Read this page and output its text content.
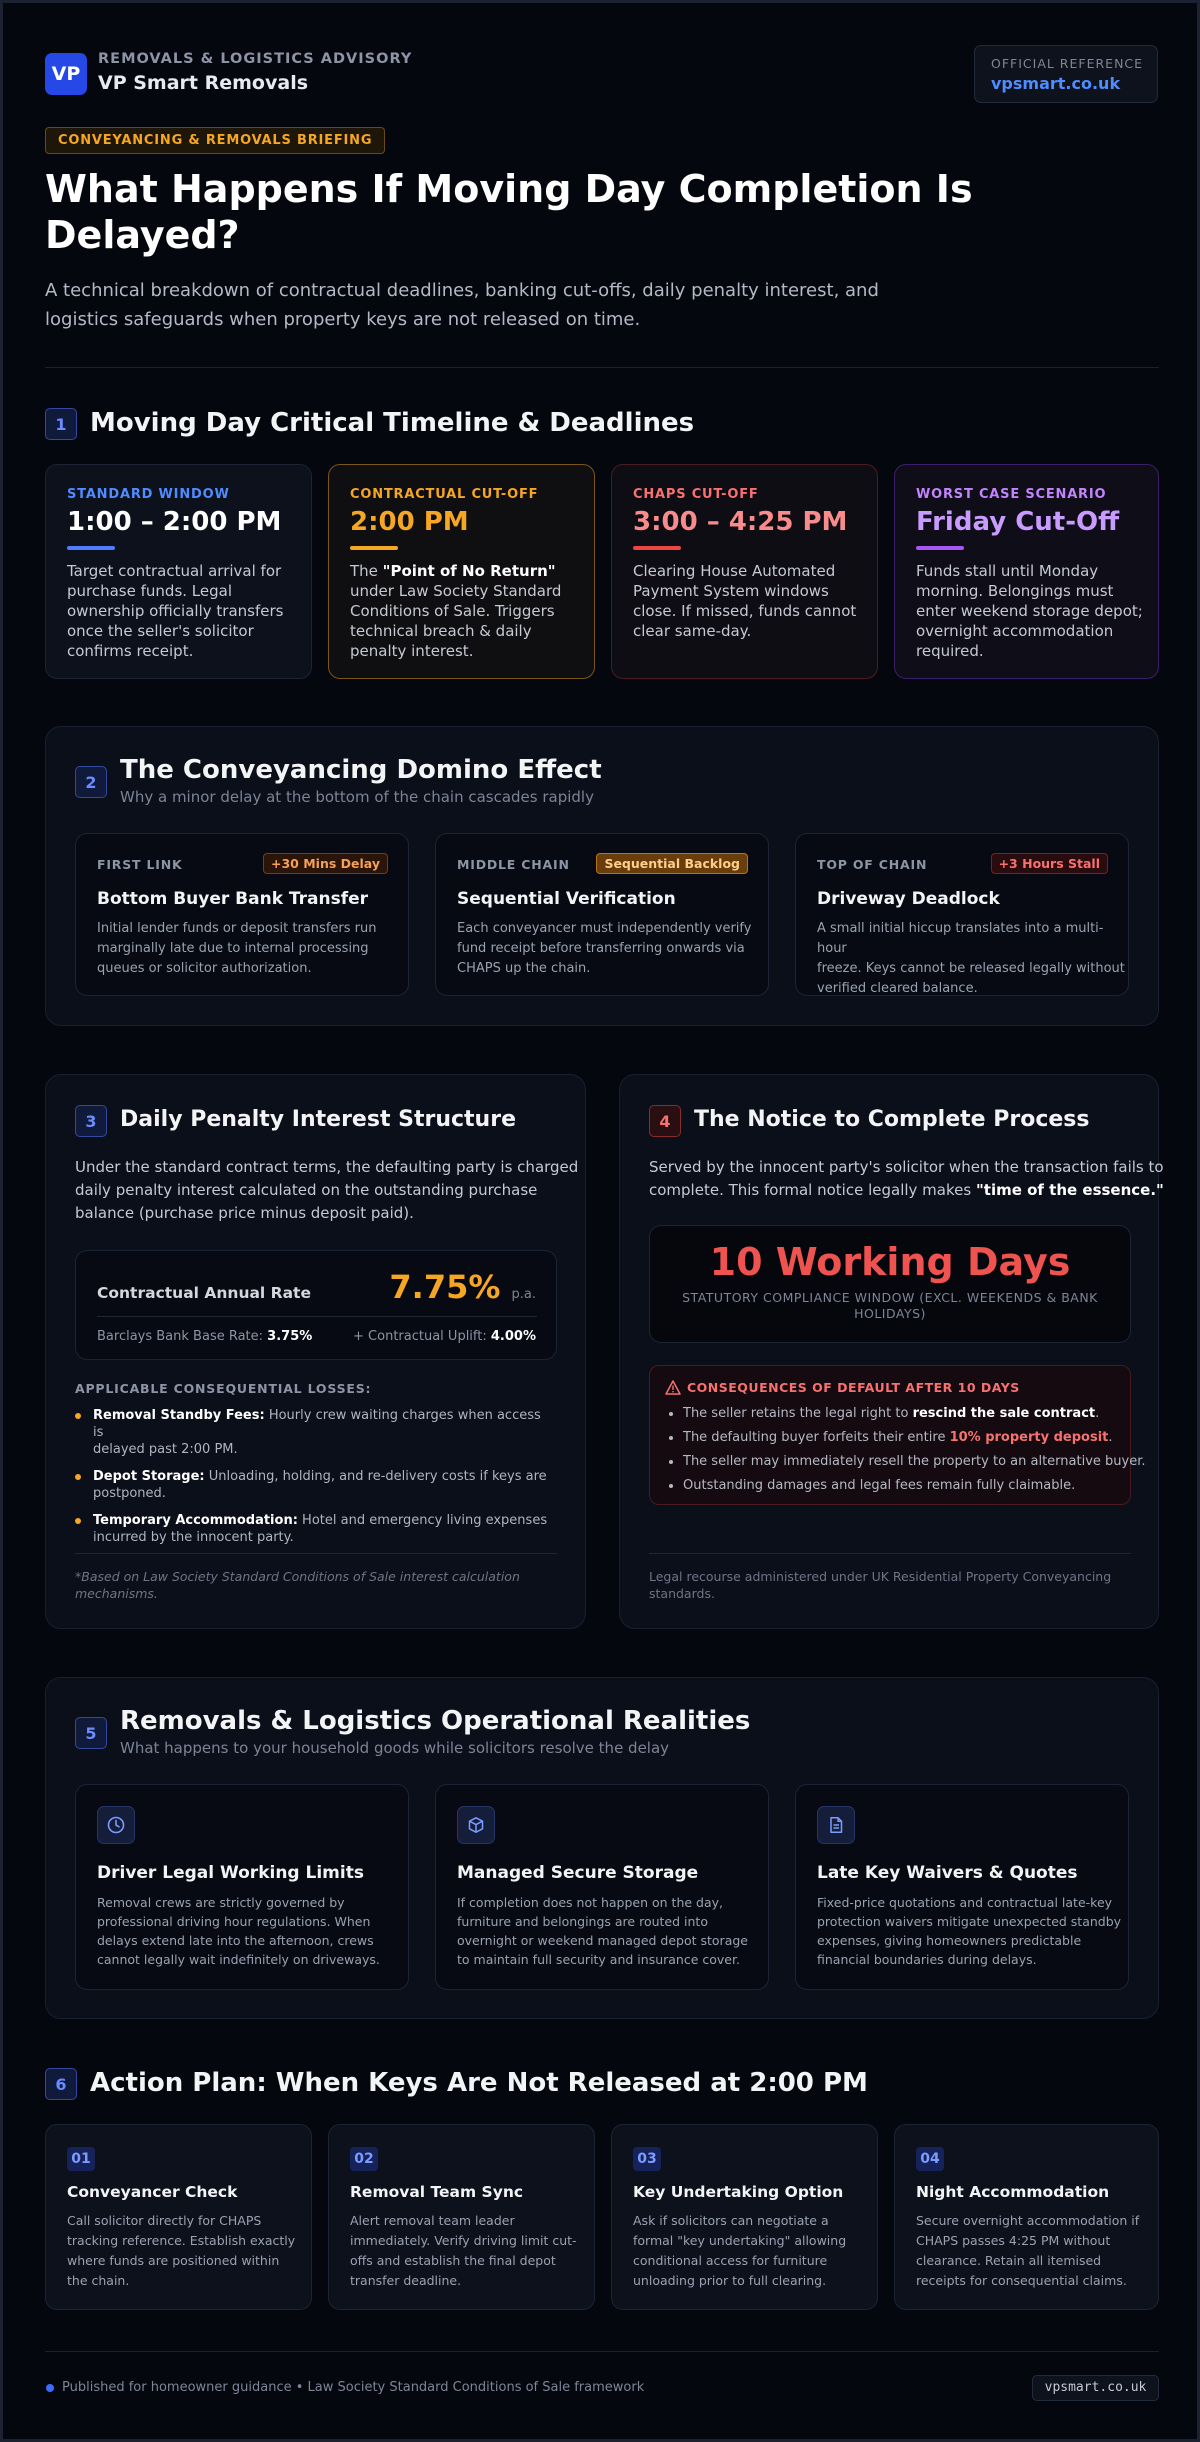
VP
REMOVALS & LOGISTICS ADVISORY
VP Smart Removals
OFFICIAL REFERENCE
vpsmart.co.uk
CONVEYANCING & REMOVALS BRIEFING
What Happens If Moving Day Completion Is
Delayed?
A technical breakdown of contractual deadlines, banking cut-offs, daily penalty interest, and
logistics safeguards when property keys are not released on time.
1 Moving Day Critical Timeline & Deadlines
STANDARD WINDOW
1:00 – 2:00 PM
Target contractual arrival for
purchase funds. Legal
ownership officially transfers
once the seller's solicitor
confirms receipt.
CONTRACTUAL CUT-OFF
2:00 PM
The "Point of No Return"
under Law Society Standard
Conditions of Sale. Triggers
technical breach & daily
penalty interest.
CHAPS CUT-OFF
3:00 – 4:25 PM
Clearing House Automated
Payment System windows
close. If missed, funds cannot
clear same-day.
WORST CASE SCENARIO
Friday Cut-Off
Funds stall until Monday
morning. Belongings must
enter weekend storage depot;
overnight accommodation
required.
2 The Conveyancing Domino Effect
Why a minor delay at the bottom of the chain cascades rapidly
FIRST LINK	+30 Mins Delay
Bottom Buyer Bank Transfer
Initial lender funds or deposit transfers run
marginally late due to internal processing
queues or solicitor authorization.
MIDDLE CHAIN	Sequential Backlog
Sequential Verification
Each conveyancer must independently verify
fund receipt before transferring onwards via
CHAPS up the chain.
TOP OF CHAIN	+3 Hours Stall
Driveway Deadlock
A small initial hiccup translates into a multi-hour
freeze. Keys cannot be released legally without
verified cleared balance.
3	Daily Penalty Interest Structure
Under the standard contract terms, the defaulting party is charged
daily penalty interest calculated on the outstanding purchase
balance (purchase price minus deposit paid).
Contractual Annual Rate 7.75% p.a.
Barclays Bank Base Rate: 3.75%	+ Contractual Uplift: 4.00%
APPLICABLE CONSEQUENTIAL LOSSES:
Removal Standby Fees: Hourly crew waiting charges when access is
delayed past 2:00 PM.
Depot Storage: Unloading, holding, and re-delivery costs if keys are
postponed.
Temporary Accommodation: Hotel and emergency living expenses
incurred by the innocent party.
*Based on Law Society Standard Conditions of Sale interest calculation
mechanisms.
4	The Notice to Complete Process
Served by the innocent party's solicitor when the transaction fails to
complete. This formal notice legally makes "time of the essence."
10 Working Days
STATUTORY COMPLIANCE WINDOW (EXCL. WEEKENDS & BANK
HOLIDAYS)
CONSEQUENCES OF DEFAULT AFTER 10 DAYS
The seller retains the legal right to rescind the sale contract.
The defaulting buyer forfeits their entire 10% property deposit.
The seller may immediately resell the property to an alternative buyer.
Outstanding damages and legal fees remain fully claimable.
Legal recourse administered under UK Residential Property Conveyancing
standards.
5 Removals & Logistics Operational Realities
What happens to your household goods while solicitors resolve the delay
Driver Legal Working Limits
Removal crews are strictly governed by
professional driving hour regulations. When
delays extend late into the afternoon, crews
cannot legally wait indefinitely on driveways.
Managed Secure Storage
If completion does not happen on the day,
furniture and belongings are routed into
overnight or weekend managed depot storage
to maintain full security and insurance cover.
Late Key Waivers & Quotes
Fixed-price quotations and contractual late-key
protection waivers mitigate unexpected standby
expenses, giving homeowners predictable
financial boundaries during delays.
6 Action Plan: When Keys Are Not Released at 2:00 PM
01
Conveyancer Check
Call solicitor directly for CHAPS
tracking reference. Establish exactly
where funds are positioned within
the chain.
02
Removal Team Sync
Alert removal team leader
immediately. Verify driving limit cut-
offs and establish the final depot
transfer deadline.
03
Key Undertaking Option
Ask if solicitors can negotiate a
formal "key undertaking" allowing
conditional access for furniture
unloading prior to full clearing.
04
Night Accommodation
Secure overnight accommodation if
CHAPS passes 4:25 PM without
clearance. Retain all itemised
receipts for consequential claims.
Published for homeowner guidance • Law Society Standard Conditions of Sale framework	vpsmart.co.uk
